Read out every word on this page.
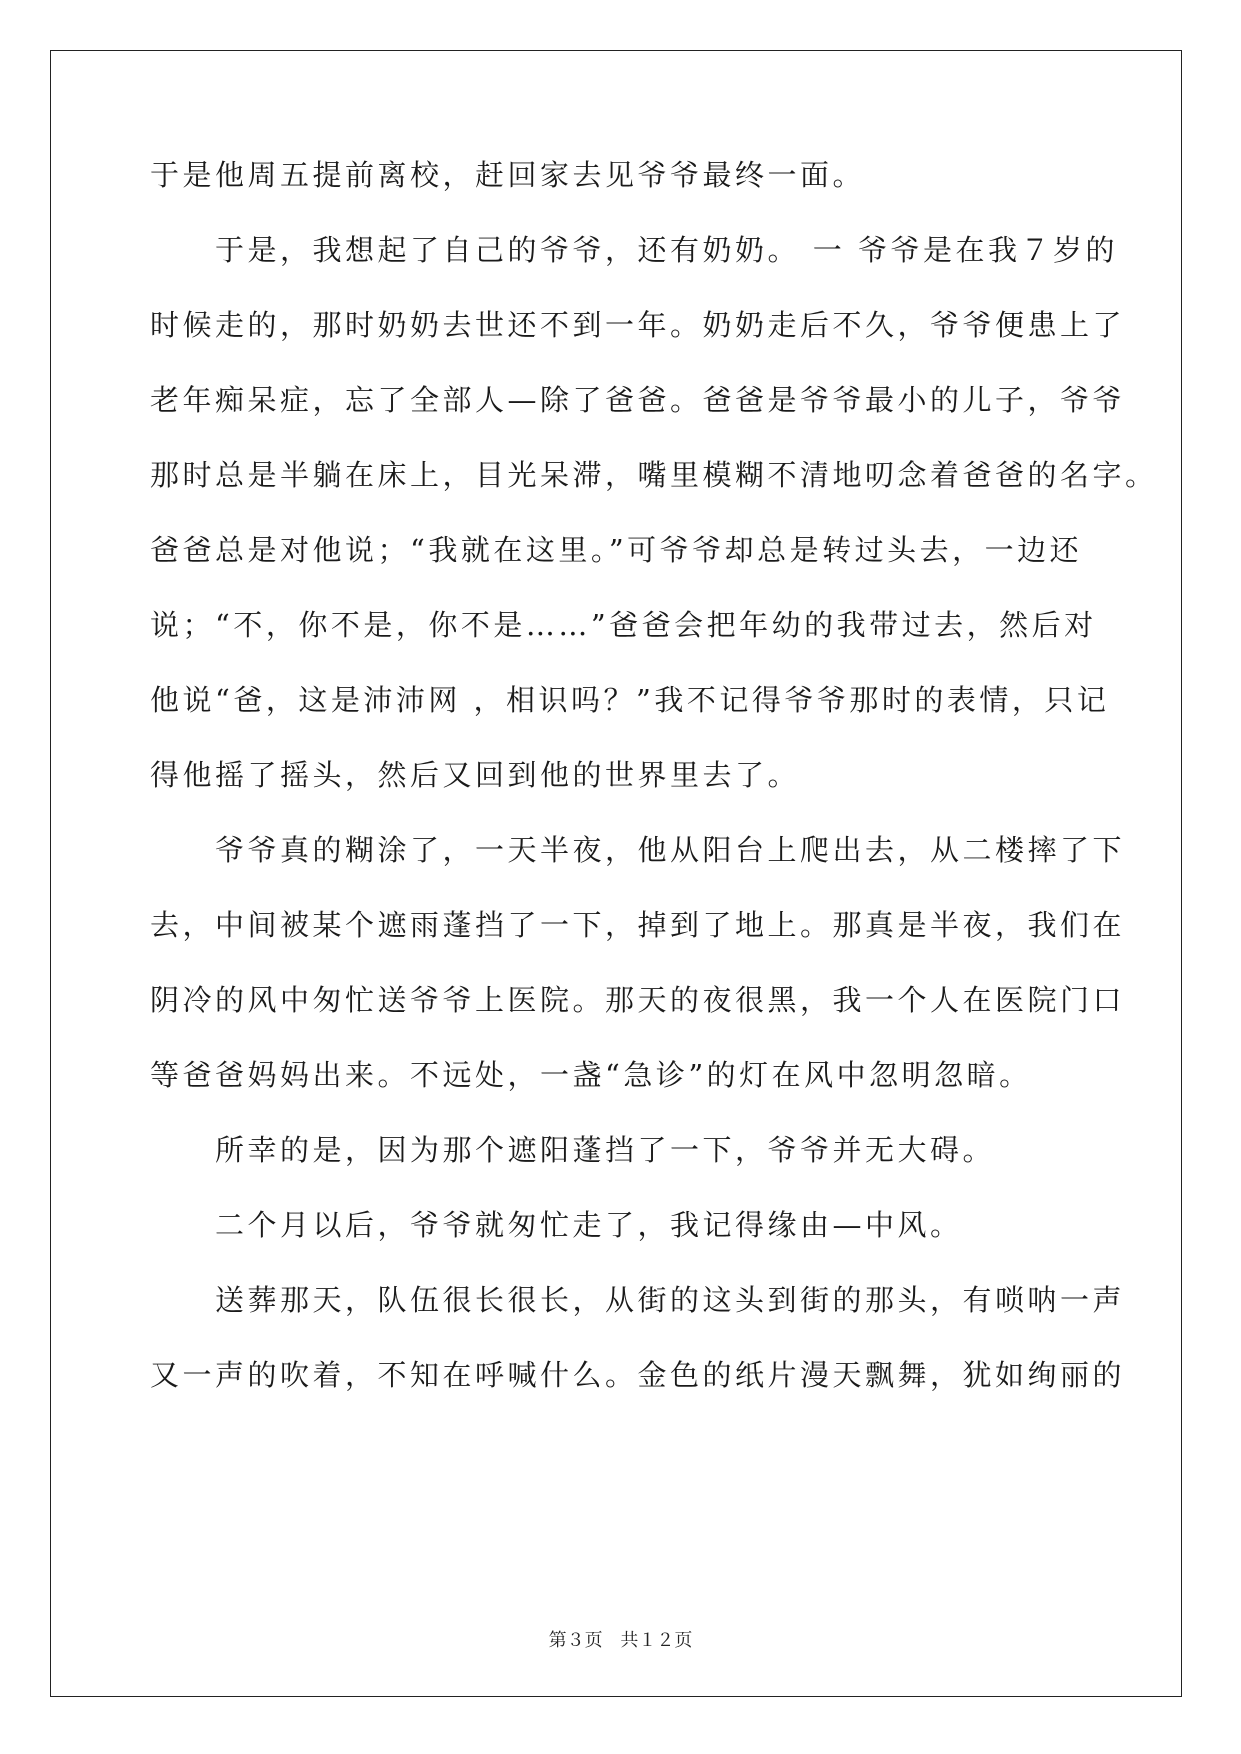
于是他周五提前离校，赶回家去见爷爷最终一面。
　　于是，我想起了自己的爷爷，还有奶奶。 一 爷爷是在我７岁的
时候走的，那时奶奶去世还不到一年。奶奶走后不久，爷爷便患上了
老年痴呆症，忘了全部人—除了爸爸。爸爸是爷爷最小的儿子，爷爷
那时总是半躺在床上，目光呆滞，嘴里模糊不清地叨念着爸爸的名字。
爸爸总是对他说；“我就在这里。”可爷爷却总是转过头去，一边还
说；“不，你不是，你不是……”爸爸会把年幼的我带过去，然后对
他说“爸，这是沛沛网 ，相识吗？”我不记得爷爷那时的表情，只记
得他摇了摇头，然后又回到他的世界里去了。
　　爷爷真的糊涂了，一天半夜，他从阳台上爬出去，从二楼摔了下
去，中间被某个遮雨蓬挡了一下，掉到了地上。那真是半夜，我们在
阴冷的风中匆忙送爷爷上医院。那天的夜很黑，我一个人在医院门口
等爸爸妈妈出来。不远处，一盏“急诊”的灯在风中忽明忽暗。
　　所幸的是，因为那个遮阳蓬挡了一下，爷爷并无大碍。
　　二个月以后，爷爷就匆忙走了，我记得缘由—中风。
　　送葬那天，队伍很长很长，从街的这头到街的那头，有唢呐一声
又一声的吹着，不知在呼喊什么。金色的纸片漫天飘舞，犹如绚丽的
第３页 共１２页
